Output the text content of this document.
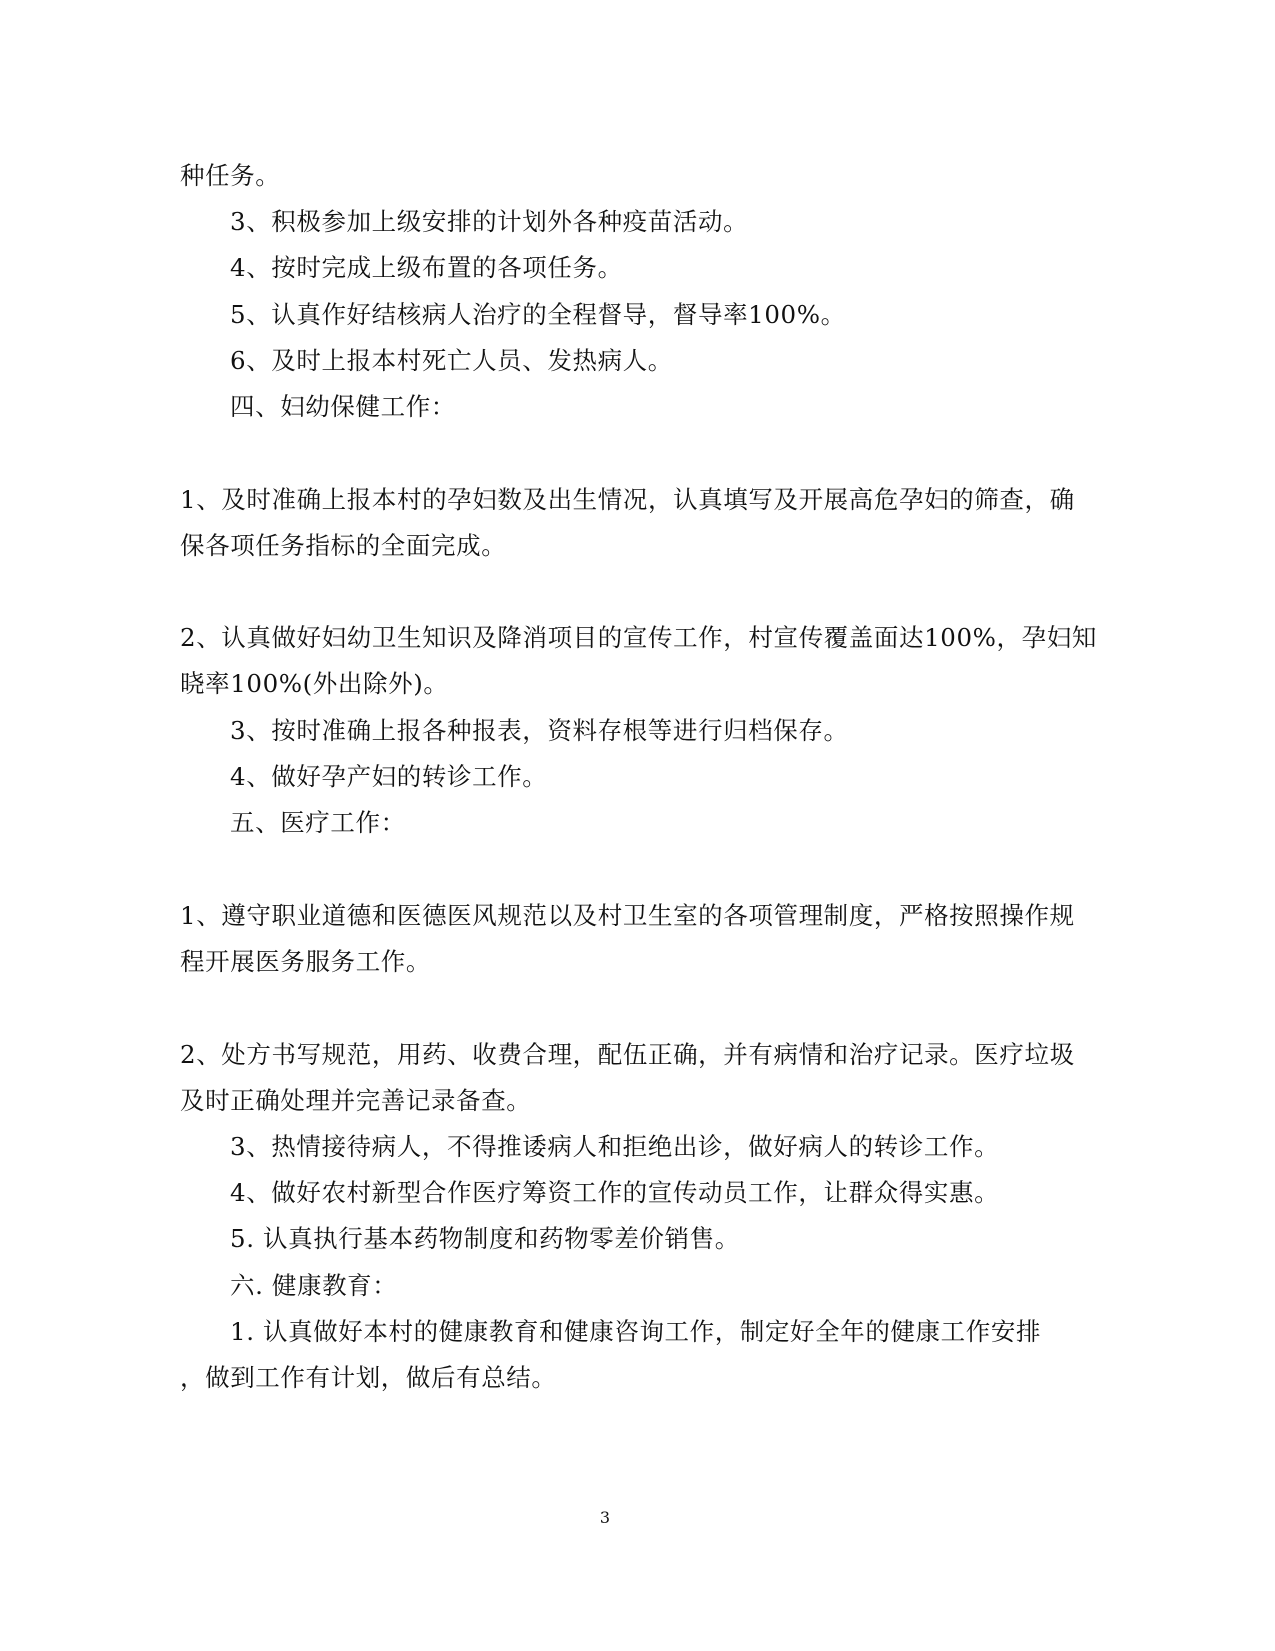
种任务。
3、积极参加上级安排的计划外各种疫苗活动。
4、按时完成上级布置的各项任务。
5、认真作好结核病人治疗的全程督导，督导率100%。
6、及时上报本村死亡人员、发热病人。
四、妇幼保健工作：
1、及时准确上报本村的孕妇数及出生情况，认真填写及开展高危孕妇的筛查，确
保各项任务指标的全面完成。
2、认真做好妇幼卫生知识及降消项目的宣传工作，村宣传覆盖面达100%，孕妇知
晓率100%(外出除外)。
3、按时准确上报各种报表，资料存根等进行归档保存。
4、做好孕产妇的转诊工作。
五、医疗工作：
1、遵守职业道德和医德医风规范以及村卫生室的各项管理制度，严格按照操作规
程开展医务服务工作。
2、处方书写规范，用药、收费合理，配伍正确，并有病情和治疗记录。医疗垃圾
及时正确处理并完善记录备查。
3、热情接待病人，不得推诿病人和拒绝出诊，做好病人的转诊工作。
4、做好农村新型合作医疗筹资工作的宣传动员工作，让群众得实惠。
5. 认真执行基本药物制度和药物零差价销售。
六. 健康教育：
1. 认真做好本村的健康教育和健康咨询工作，制定好全年的健康工作安排
，做到工作有计划，做后有总结。
3
